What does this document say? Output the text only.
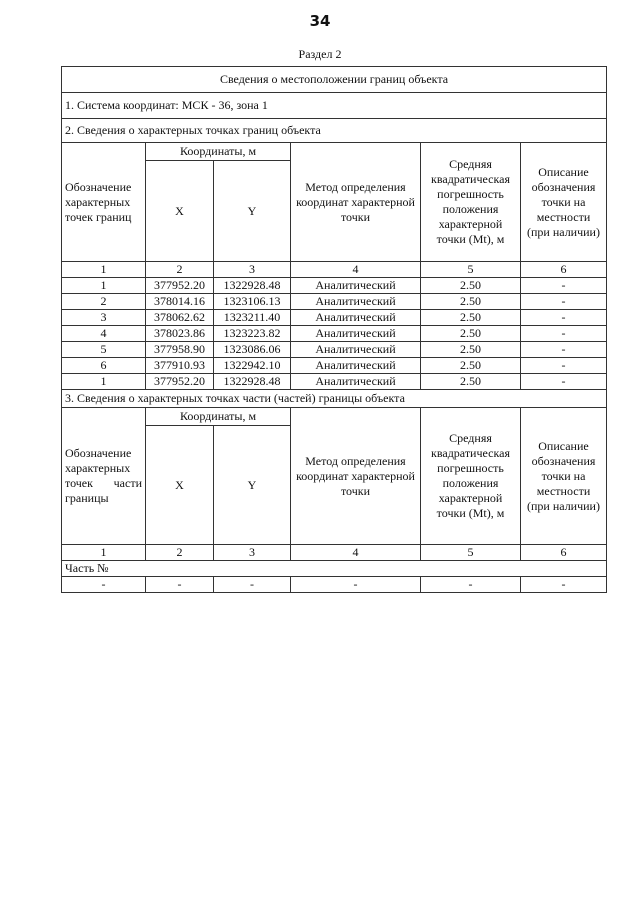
34
Раздел 2
Сведения о местоположении границ объекта					
1. Система координат: МСК - 36, зона 1					
2. Сведения о характерных точках границ объекта					
Обозначение характерных точек границ	Координаты, м		Метод определения координат характерной точки	Средняя квадратическая погрешность положения характерной точки (Mt), м	Описание обозначения точки на местности (при наличии)
	X	Y			
1	2	3	4	5	6
1	377952.20	1322928.48	Аналитический	2.50	-
2	378014.16	1323106.13	Аналитический	2.50	-
3	378062.62	1323211.40	Аналитический	2.50	-
4	378023.86	1323223.82	Аналитический	2.50	-
5	377958.90	1323086.06	Аналитический	2.50	-
6	377910.93	1322942.10	Аналитический	2.50	-
1	377952.20	1322928.48	Аналитический	2.50	-
3. Сведения о характерных точках части (частей) границы объекта					
Обозначение характерных точек части границы	Координаты, м		Метод определения координат характерной точки	Средняя квадратическая погрешность положения характерной точки (Mt), м	Описание обозначения точки на местности (при наличии)
	X	Y			
1	2	3	4	5	6
Часть №					
-	-	-	-	-	-
